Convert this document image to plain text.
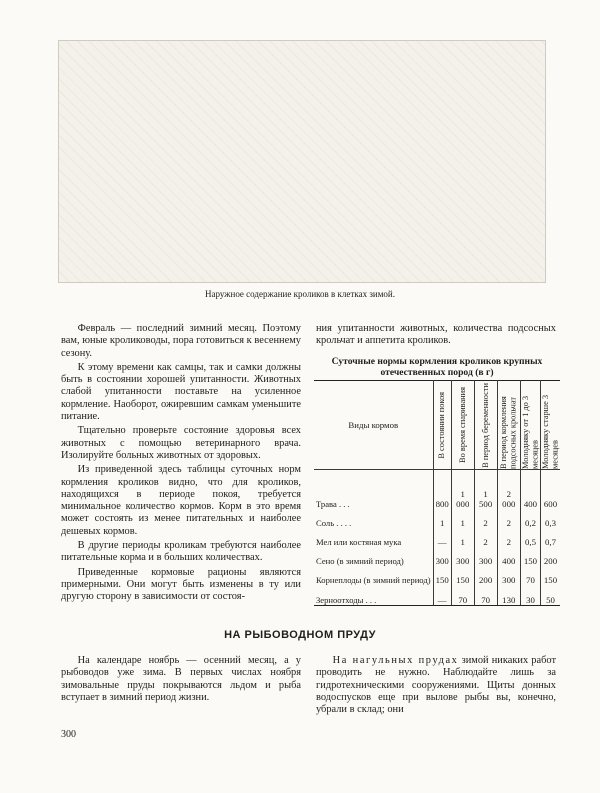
Наружное содержание кроликов в клетках зимой.

Февраль — последний зимний месяц. Поэтому вам, юные кролиководы, пора готовиться к весеннему сезону.

К этому времени как самцы, так и самки должны быть в состоянии хорошей упитанности. Животных слабой упитанности поставьте на усиленное кормление. Наоборот, ожиревшим самкам уменьшите питание.

Тщательно проверьте состояние здоровья всех животных с помощью ветеринарного врача. Изолируйте больных животных от здоровых.

Из приведенной здесь таблицы суточных норм кормления кроликов видно, что для кроликов, находящихся в периоде покоя, требуется минимальное количество кормов. Корм в это время может состоять из менее питательных и наиболее дешевых кормов.

В другие периоды кроликам требуются наиболее питательные корма и в больших количествах.

Приведенные кормовые рационы являются примерными. Они могут быть изменены в ту или другую сторону в зависимости от состоя-

ния упитанности животных, количества подсосных крольчат и аппетита кроликов.

Суточные нормы кормления кроликов крупных отечественных пород (в г)
Виды кормов	В состоянии покоя	Во время спаривания	В период беременности	В период кормления подсосных крольчат	Молодняку от 1 до 3 месяцев	Молодняку старше 3 месяцев

Трава . . .	800	1 000	1 500	2 000	400	600
Соль . . . .	1	1	2	2	0,2	0,3
Мел или костяная мука	—	1	2	2	0,5	0,7
Сено (в зимний период)	300	300	300	400	150	200
Корнеплоды (в зимний период)	150	150	200	300	70	150
Зерноотходы . . .	—	70	70	130	30	50
НА РЫБОВОДНОМ ПРУДУ

На календаре ноябрь — осенний месяц, а у рыбоводов уже зима. В первых числах ноября зимовальные пруды покрываются льдом и рыба вступает в зимний период жизни.

На нагульных прудах зимой никаких работ проводить не нужно. Наблюдайте лишь за гидротехническими сооружениями. Щиты донных водоспусков еще при вылове рыбы вы, конечно, убрали в склад; они

300
